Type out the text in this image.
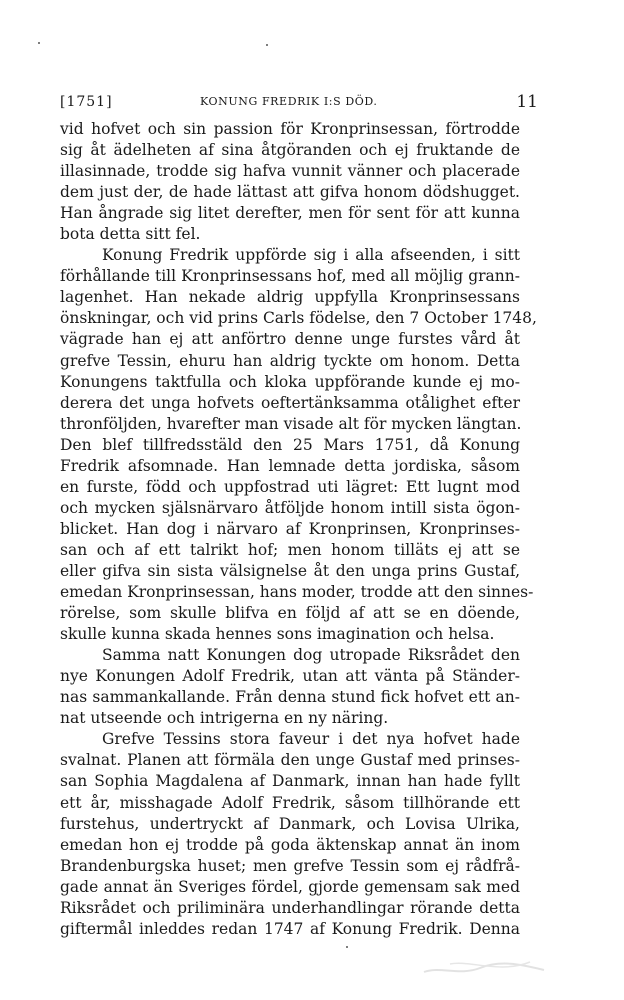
[1751]	KONUNG FREDRIK I:S DÖD.	11
vid hofvet och sin passion för Kronprinsessan, förtrodde
sig åt ädelheten af sina åtgöranden och ej fruktande de
illasinnade, trodde sig hafva vunnit vänner och placerade
dem just der, de hade lättast att gifva honom dödshugget.
Han ångrade sig litet derefter, men för sent för att kunna
bota detta sitt fel.
Konung Fredrik uppförde sig i alla afseenden, i sitt
förhållande till Kronprinsessans hof, med all möjlig grann-
lagenhet. Han nekade aldrig uppfylla Kronprinsessans
önskningar, och vid prins Carls födelse, den 7 October 1748,
vägrade han ej att anförtro denne unge furstes vård åt
grefve Tessin, ehuru han aldrig tyckte om honom. Detta
Konungens taktfulla och kloka uppförande kunde ej mo-
derera det unga hofvets oeftertänksamma otålighet efter
thronföljden, hvarefter man visade alt för mycken längtan.
Den blef tillfredsstäld den 25 Mars 1751, då Konung
Fredrik afsomnade. Han lemnade detta jordiska, såsom
en furste, född och uppfostrad uti lägret: Ett lugnt mod
och mycken själsnärvaro åtföljde honom intill sista ögon-
blicket. Han dog i närvaro af Kronprinsen, Kronprinses-
san och af ett talrikt hof; men honom tilläts ej att se
eller gifva sin sista välsignelse åt den unga prins Gustaf,
emedan Kronprinsessan, hans moder, trodde att den sinnes-
rörelse, som skulle blifva en följd af att se en döende,
skulle kunna skada hennes sons imagination och helsa.
Samma natt Konungen dog utropade Riksrådet den
nye Konungen Adolf Fredrik, utan att vänta på Ständer-
nas sammankallande. Från denna stund fick hofvet ett an-
nat utseende och intrigerna en ny näring.
Grefve Tessins stora faveur i det nya hofvet hade
svalnat. Planen att förmäla den unge Gustaf med prinses-
san Sophia Magdalena af Danmark, innan han hade fyllt
ett år, misshagade Adolf Fredrik, såsom tillhörande ett
furstehus, undertryckt af Danmark, och Lovisa Ulrika,
emedan hon ej trodde på goda äktenskap annat än inom
Brandenburgska huset; men grefve Tessin som ej rådfrå-
gade annat än Sveriges fördel, gjorde gemensam sak med
Riksrådet och priliminära underhandlingar rörande detta
giftermål inleddes redan 1747 af Konung Fredrik. Denna
